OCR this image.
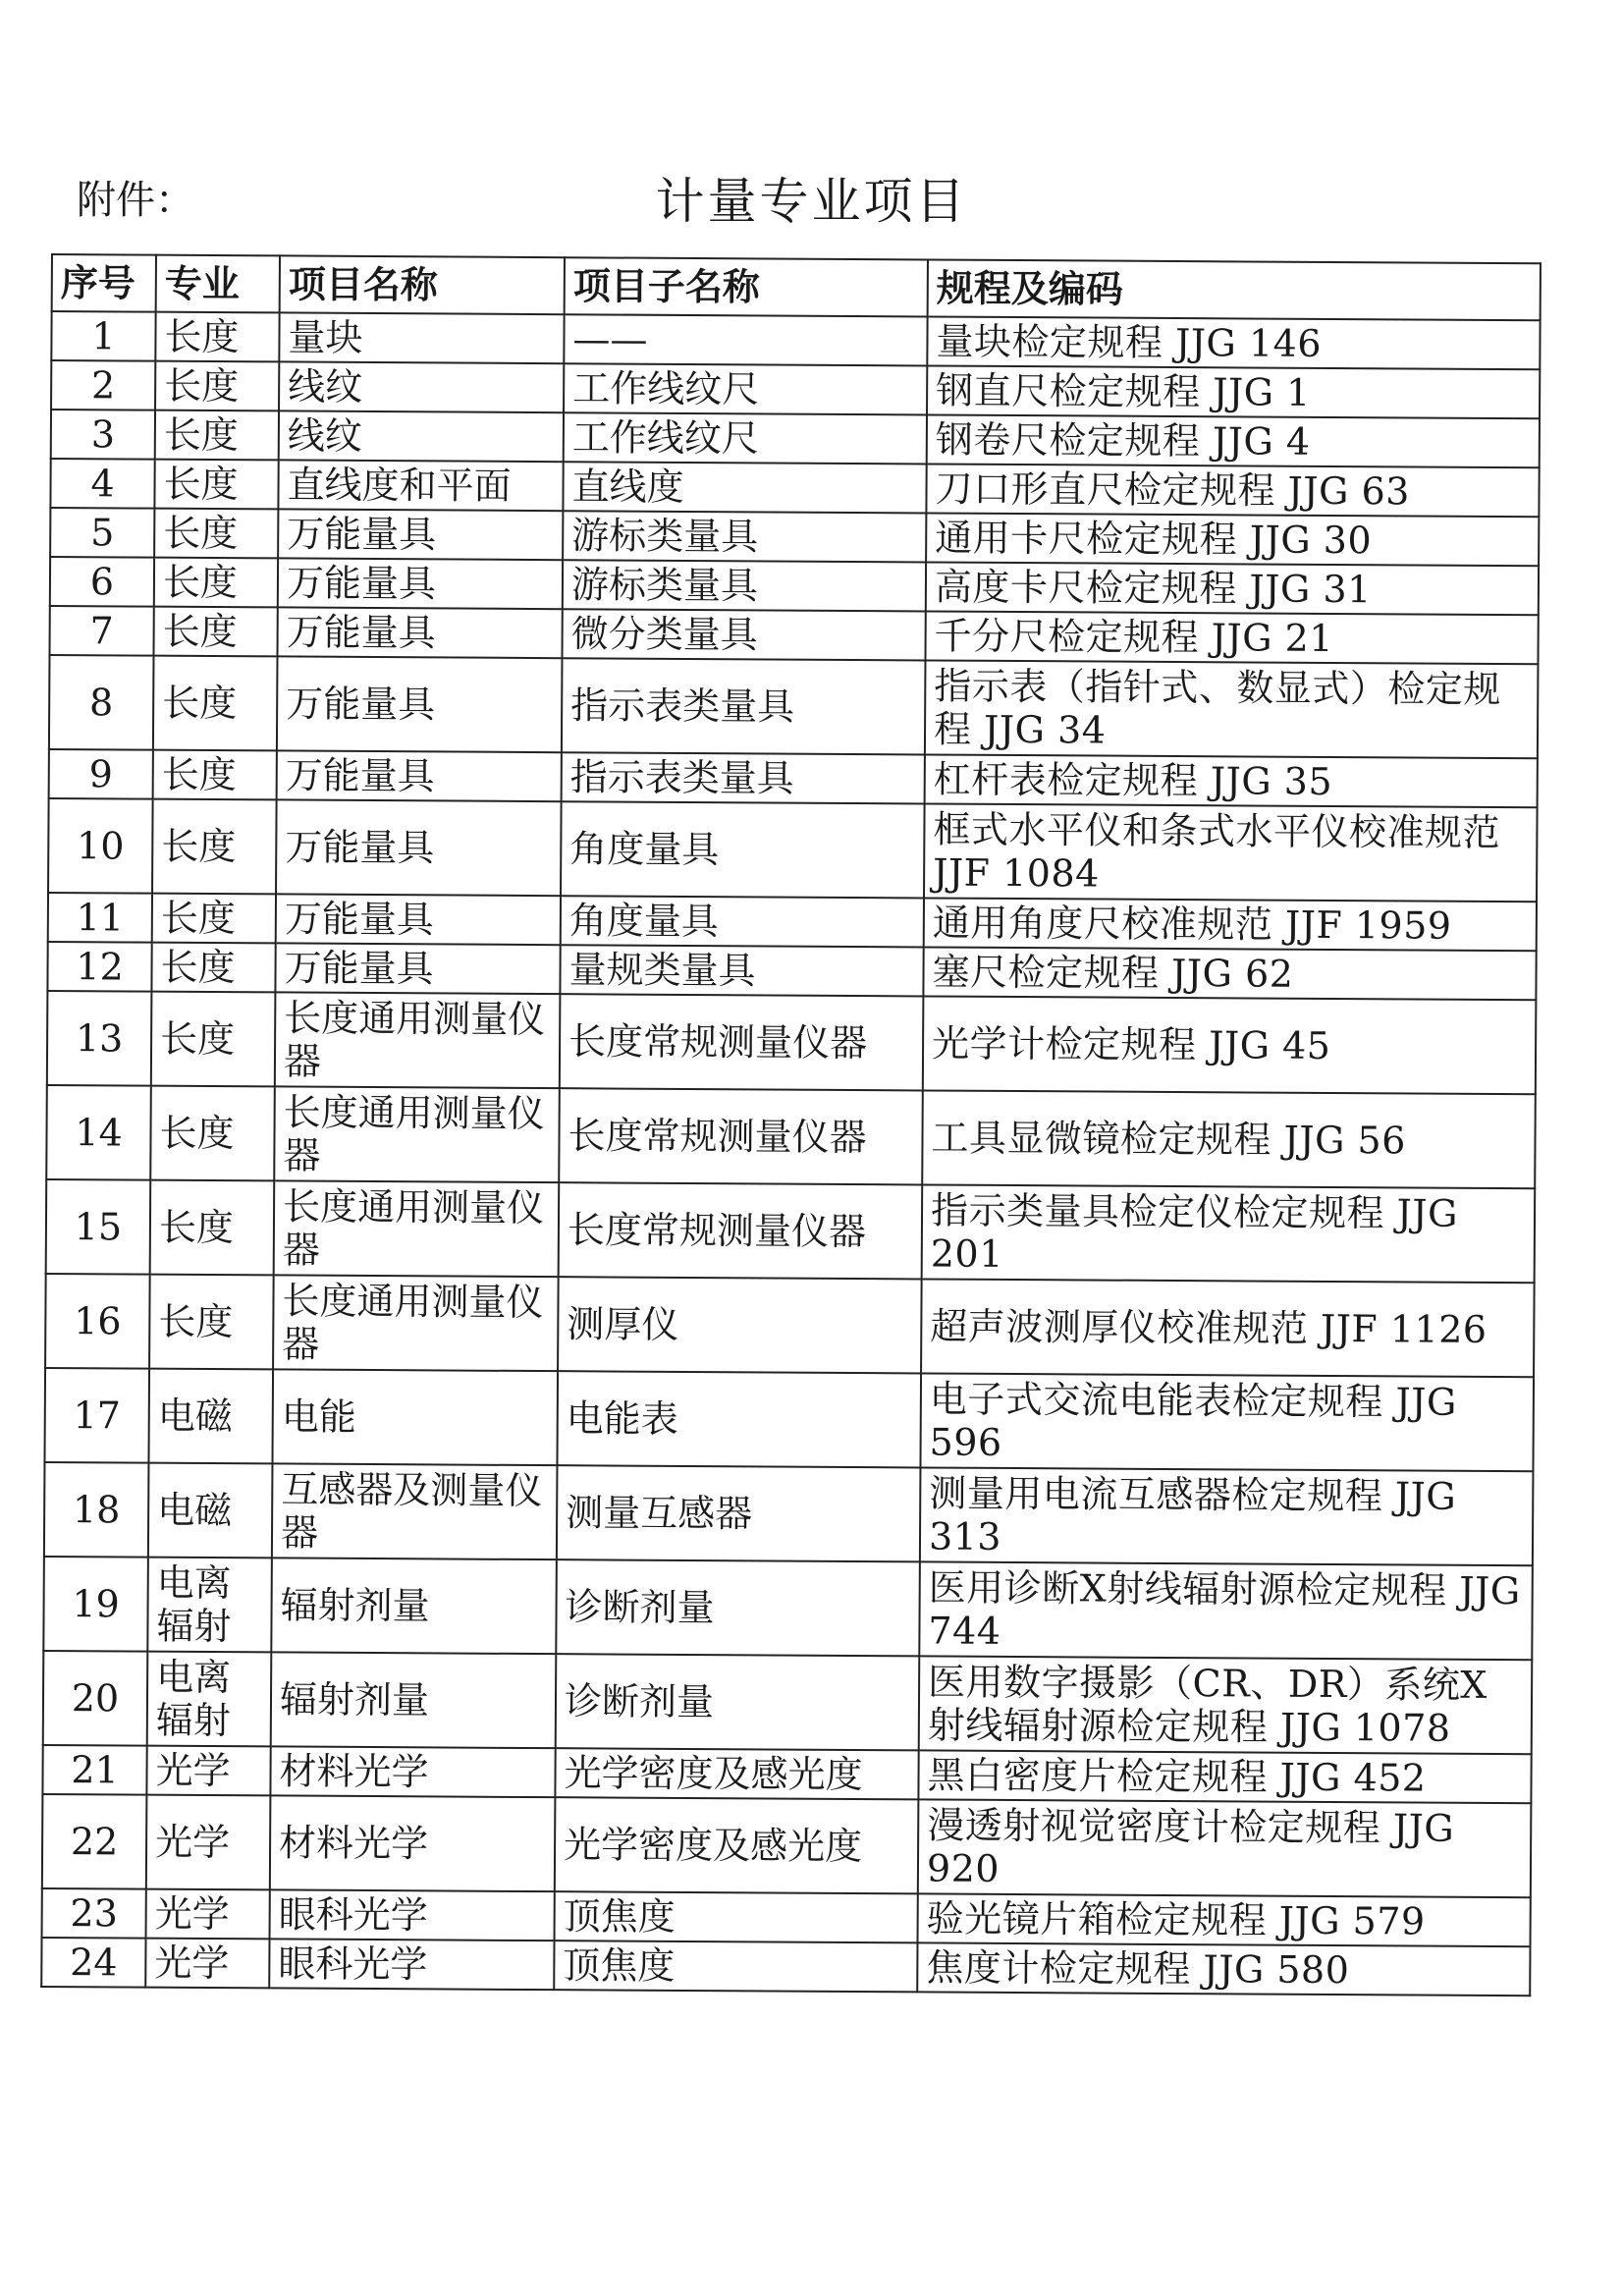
附件：	计量专业项目
序号	专业	项目名称	项目子名称	规程及编码
1	长度	量块	——	量块检定规程 JJG 146
2	长度	线纹	工作线纹尺	钢直尺检定规程 JJG 1
3	长度	线纹	工作线纹尺	钢卷尺检定规程 JJG 4
4	长度	直线度和平面	直线度	刀口形直尺检定规程 JJG 63
5	长度	万能量具	游标类量具	通用卡尺检定规程 JJG 30
6	长度	万能量具	游标类量具	高度卡尺检定规程 JJG 31
7	长度	万能量具	微分类量具	千分尺检定规程 JJG 21
8	长度	万能量具	指示表类量具	指示表（指针式、数显式）检定规程 JJG 34
9	长度	万能量具	指示表类量具	杠杆表检定规程 JJG 35
10	长度	万能量具	角度量具	框式水平仪和条式水平仪校准规范 JJF 1084
11	长度	万能量具	角度量具	通用角度尺校准规范 JJF 1959
12	长度	万能量具	量规类量具	塞尺检定规程 JJG 62
13	长度	长度通用测量仪器	长度常规测量仪器	光学计检定规程 JJG 45
14	长度	长度通用测量仪器	长度常规测量仪器	工具显微镜检定规程 JJG 56
15	长度	长度通用测量仪器	长度常规测量仪器	指示类量具检定仪检定规程 JJG 201
16	长度	长度通用测量仪器	测厚仪	超声波测厚仪校准规范 JJF 1126
17	电磁	电能	电能表	电子式交流电能表检定规程 JJG 596
18	电磁	互感器及测量仪器	测量互感器	测量用电流互感器检定规程 JJG 313
19	电离辐射	辐射剂量	诊断剂量	医用诊断X射线辐射源检定规程 JJG 744
20	电离辐射	辐射剂量	诊断剂量	医用数字摄影（CR、DR）系统X射线辐射源检定规程 JJG 1078
21	光学	材料光学	光学密度及感光度	黑白密度片检定规程 JJG 452
22	光学	材料光学	光学密度及感光度	漫透射视觉密度计检定规程 JJG 920
23	光学	眼科光学	顶焦度	验光镜片箱检定规程 JJG 579
24	光学	眼科光学	顶焦度	焦度计检定规程 JJG 580
